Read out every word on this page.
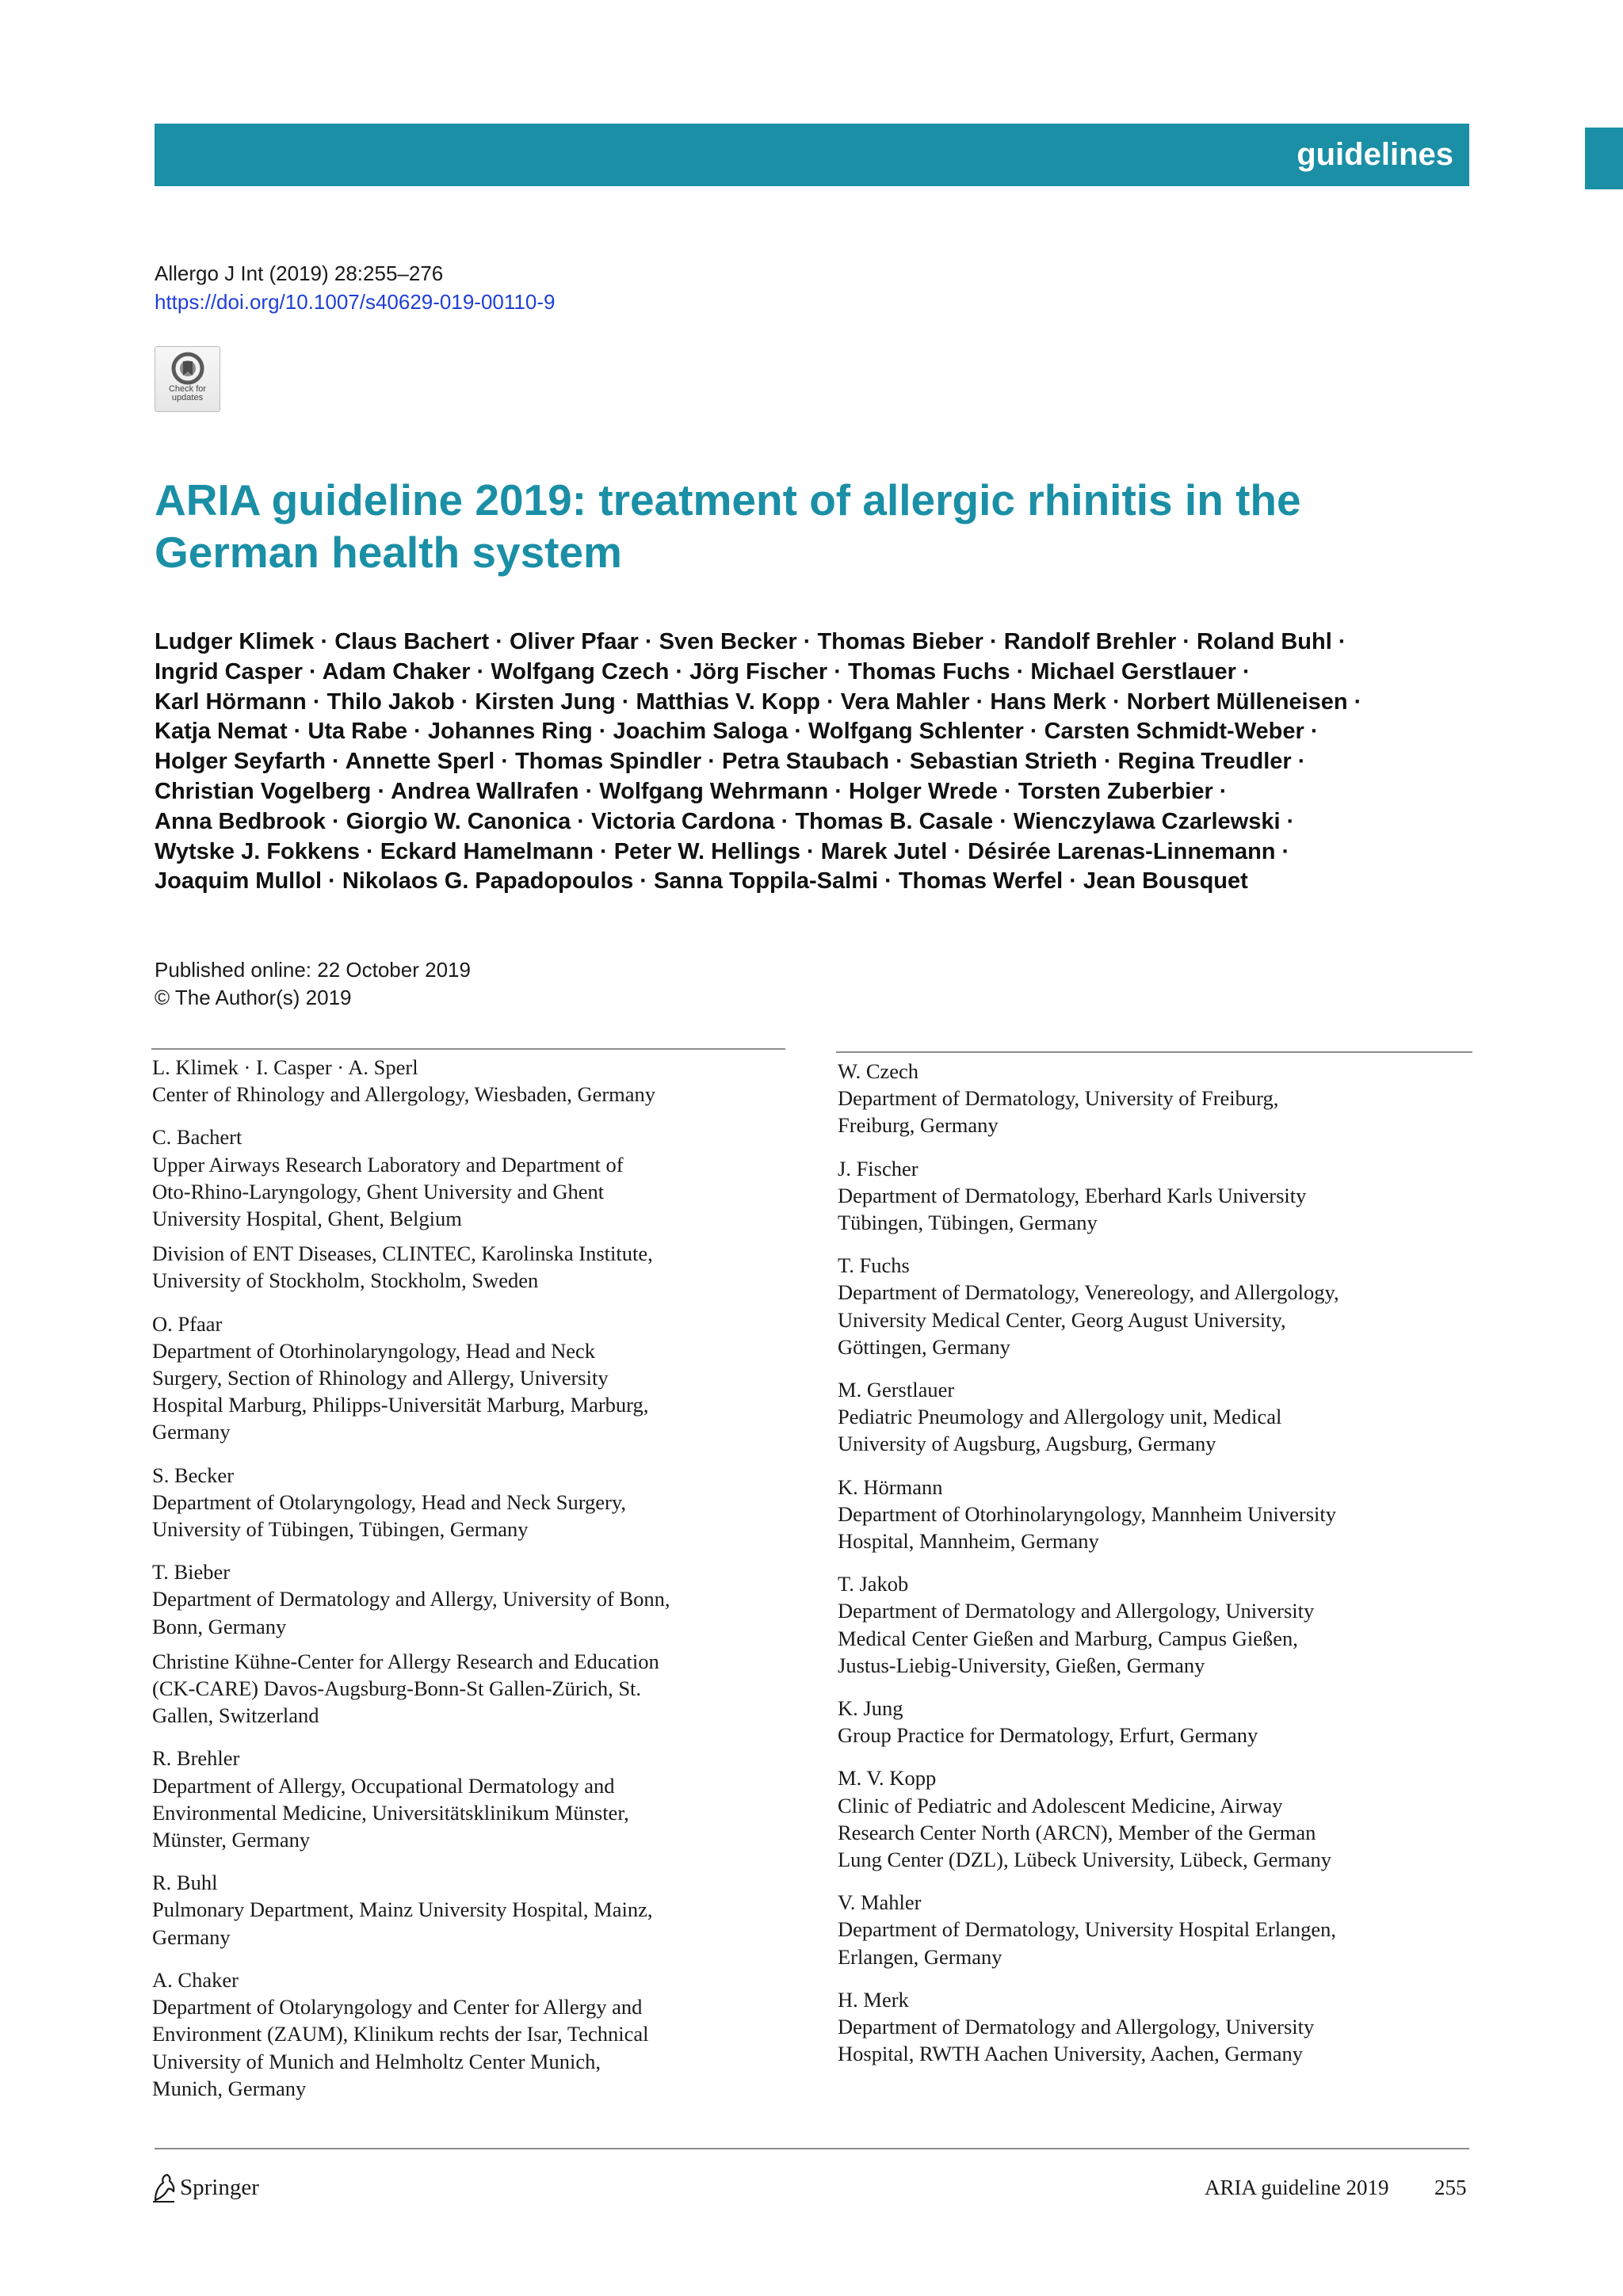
guidelines
Allergo J Int (2019) 28:255–276
https://doi.org/10.1007/s40629-019-00110-9
Check for
updates
ARIA guideline 2019: treatment of allergic rhinitis in the
German health system
Ludger Klimek · Claus Bachert · Oliver Pfaar · Sven Becker · Thomas Bieber · Randolf Brehler · Roland Buhl ·
Ingrid Casper · Adam Chaker · Wolfgang Czech · Jörg Fischer · Thomas Fuchs · Michael Gerstlauer ·
Karl Hörmann · Thilo Jakob · Kirsten Jung · Matthias V. Kopp · Vera Mahler · Hans Merk · Norbert Mülleneisen ·
Katja Nemat · Uta Rabe · Johannes Ring · Joachim Saloga · Wolfgang Schlenter · Carsten Schmidt-Weber ·
Holger Seyfarth · Annette Sperl · Thomas Spindler · Petra Staubach · Sebastian Strieth · Regina Treudler ·
Christian Vogelberg · Andrea Wallrafen · Wolfgang Wehrmann · Holger Wrede · Torsten Zuberbier ·
Anna Bedbrook · Giorgio W. Canonica · Victoria Cardona · Thomas B. Casale · Wienczylawa Czarlewski ·
Wytske J. Fokkens · Eckard Hamelmann · Peter W. Hellings · Marek Jutel · Désirée Larenas-Linnemann ·
Joaquim Mullol · Nikolaos G. Papadopoulos · Sanna Toppila-Salmi · Thomas Werfel · Jean Bousquet
Published online: 22 October 2019
© The Author(s) 2019
L. Klimek · I. Casper · A. Sperl
Center of Rhinology and Allergology, Wiesbaden, Germany
C. Bachert
Upper Airways Research Laboratory and Department of
Oto-Rhino-Laryngology, Ghent University and Ghent
University Hospital, Ghent, Belgium
Division of ENT Diseases, CLINTEC, Karolinska Institute,
University of Stockholm, Stockholm, Sweden
O. Pfaar
Department of Otorhinolaryngology, Head and Neck
Surgery, Section of Rhinology and Allergy, University
Hospital Marburg, Philipps-Universität Marburg, Marburg,
Germany
S. Becker
Department of Otolaryngology, Head and Neck Surgery,
University of Tübingen, Tübingen, Germany
T. Bieber
Department of Dermatology and Allergy, University of Bonn,
Bonn, Germany
Christine Kühne-Center for Allergy Research and Education
(CK-CARE) Davos-Augsburg-Bonn-St Gallen-Zürich, St.
Gallen, Switzerland
R. Brehler
Department of Allergy, Occupational Dermatology and
Environmental Medicine, Universitätsklinikum Münster,
Münster, Germany
R. Buhl
Pulmonary Department, Mainz University Hospital, Mainz,
Germany
A. Chaker
Department of Otolaryngology and Center for Allergy and
Environment (ZAUM), Klinikum rechts der Isar, Technical
University of Munich and Helmholtz Center Munich,
Munich, Germany
W. Czech
Department of Dermatology, University of Freiburg,
Freiburg, Germany
J. Fischer
Department of Dermatology, Eberhard Karls University
Tübingen, Tübingen, Germany
T. Fuchs
Department of Dermatology, Venereology, and Allergology,
University Medical Center, Georg August University,
Göttingen, Germany
M. Gerstlauer
Pediatric Pneumology and Allergology unit, Medical
University of Augsburg, Augsburg, Germany
K. Hörmann
Department of Otorhinolaryngology, Mannheim University
Hospital, Mannheim, Germany
T. Jakob
Department of Dermatology and Allergology, University
Medical Center Gießen and Marburg, Campus Gießen,
Justus-Liebig-University, Gießen, Germany
K. Jung
Group Practice for Dermatology, Erfurt, Germany
M. V. Kopp
Clinic of Pediatric and Adolescent Medicine, Airway
Research Center North (ARCN), Member of the German
Lung Center (DZL), Lübeck University, Lübeck, Germany
V. Mahler
Department of Dermatology, University Hospital Erlangen,
Erlangen, Germany
H. Merk
Department of Dermatology and Allergology, University
Hospital, RWTH Aachen University, Aachen, Germany
Springer	ARIA guideline 2019 255
